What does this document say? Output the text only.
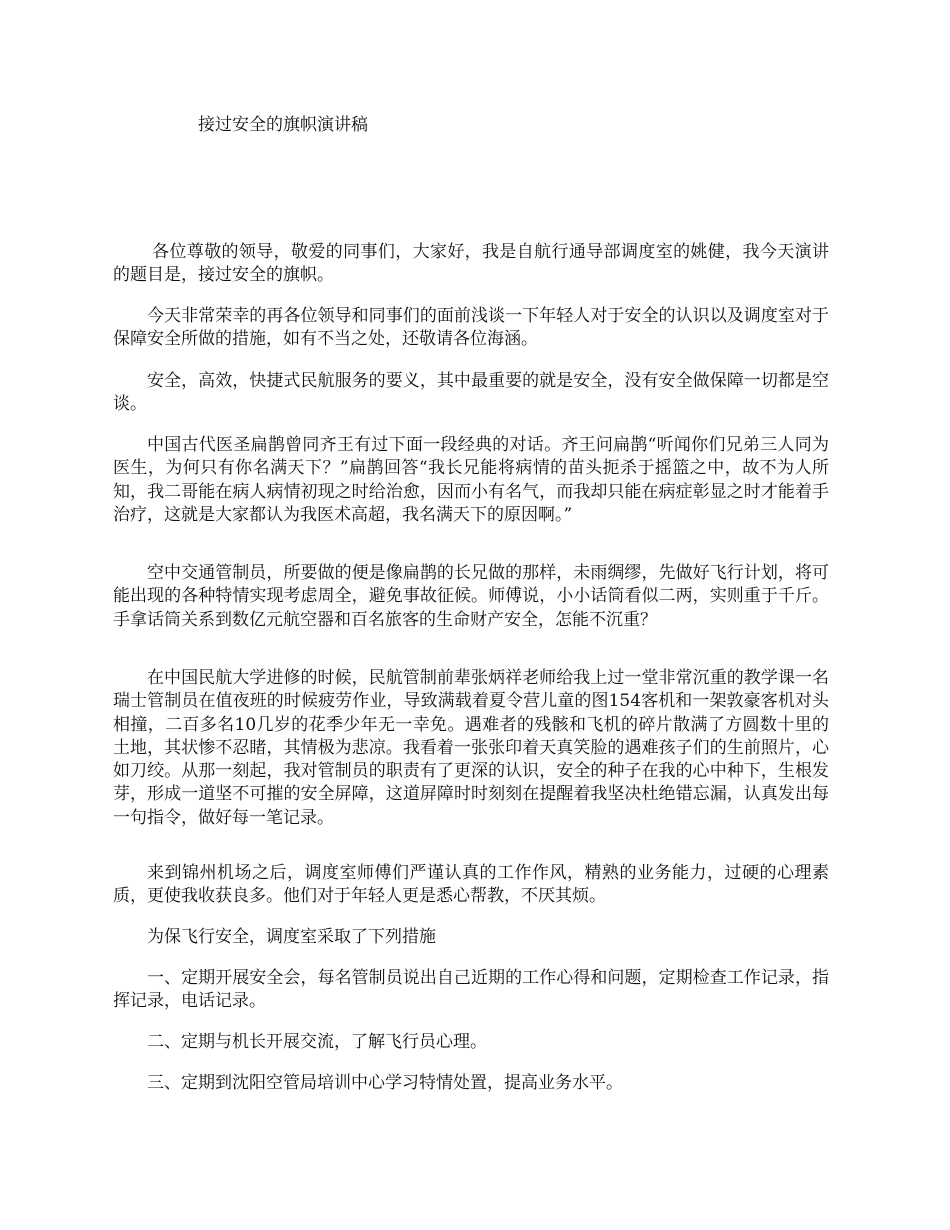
接过安全的旗帜演讲稿

各位尊敬的领导，敬爱的同事们，大家好，我是自航行通导部调度室的姚健，我今天演讲的题目是，接过安全的旗帜。

今天非常荣幸的再各位领导和同事们的面前浅谈一下年轻人对于安全的认识以及调度室对于保障安全所做的措施，如有不当之处，还敬请各位海涵。

安全，高效，快捷式民航服务的要义，其中最重要的就是安全，没有安全做保障一切都是空谈。

中国古代医圣扁鹊曾同齐王有过下面一段经典的对话。齐王问扁鹊“听闻你们兄弟三人同为医生，为何只有你名满天下？”扁鹊回答“我长兄能将病情的苗头扼杀于摇篮之中，故不为人所知，我二哥能在病人病情初现之时给治愈，因而小有名气，而我却只能在病症彰显之时才能着手治疗，这就是大家都认为我医术高超，我名满天下的原因啊。”

空中交通管制员，所要做的便是像扁鹊的长兄做的那样，未雨绸缪，先做好飞行计划，将可能出现的各种特情实现考虑周全，避免事故征候。师傅说，小小话筒看似二两，实则重于千斤。手拿话筒关系到数亿元航空器和百名旅客的生命财产安全，怎能不沉重？

在中国民航大学进修的时候，民航管制前辈张炳祥老师给我上过一堂非常沉重的教学课一名瑞士管制员在值夜班的时候疲劳作业，导致满载着夏令营儿童的图154客机和一架敦豪客机对头相撞，二百多名10几岁的花季少年无一幸免。遇难者的残骸和飞机的碎片散满了方圆数十里的土地，其状惨不忍睹，其情极为悲凉。我看着一张张印着天真笑脸的遇难孩子们的生前照片，心如刀绞。从那一刻起，我对管制员的职责有了更深的认识，安全的种子在我的心中种下，生根发芽，形成一道坚不可摧的安全屏障，这道屏障时时刻刻在提醒着我坚决杜绝错忘漏，认真发出每一句指令，做好每一笔记录。

来到锦州机场之后，调度室师傅们严谨认真的工作作风，精熟的业务能力，过硬的心理素质，更使我收获良多。他们对于年轻人更是悉心帮教，不厌其烦。

为保飞行安全，调度室采取了下列措施

一、定期开展安全会，每名管制员说出自己近期的工作心得和问题，定期检查工作记录，指挥记录，电话记录。

二、定期与机长开展交流，了解飞行员心理。

三、定期到沈阳空管局培训中心学习特情处置，提高业务水平。
